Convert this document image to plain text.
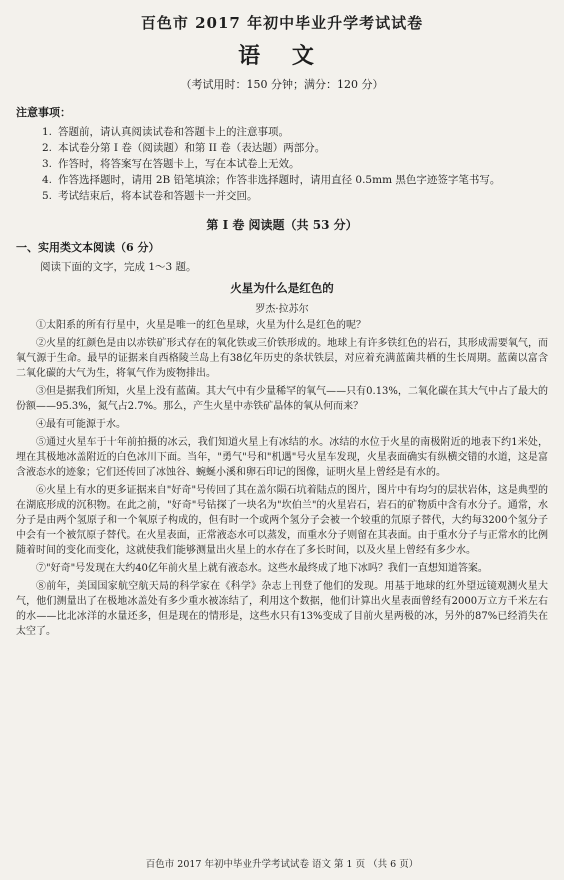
百色市 2017 年初中毕业升学考试试卷
语 文
（考试用时：150 分钟；满分：120 分）
注意事项：
1. 答题前，请认真阅读试卷和答题卡上的注意事项。
2. 本试卷分第 I 卷（阅读题）和第 II 卷（表达题）两部分。
3. 作答时，将答案写在答题卡上，写在本试卷上无效。
4. 作答选择题时，请用 2B 铅笔填涂；作答非选择题时，请用直径 0.5mm 黑色字迹签字笔书写。
5. 考试结束后，将本试卷和答题卡一并交回。
第 I 卷 阅读题（共 53 分）
一、实用类文本阅读（6 分）
阅读下面的文字，完成 1～3 题。
火星为什么是红色的
罗杰·拉苏尔

①太阳系的所有行星中，火星是唯一的红色星球，火星为什么是红色的呢？

②火星的红颜色是由以赤铁矿形式存在的氧化铁或三价铁形成的。地球上有许多铁红色的岩石，其形成需要氧气，而氧气源于生命。最早的证据来自西格陵兰岛上有38亿年历史的条状铁层，对应着充满蓝菌共栖的生长周期。蓝菌以富含二氧化碳的大气为生，将氧气作为废物排出。

③但是据我们所知，火星上没有蓝菌。其大气中有少量稀罕的氧气——只有0.13%，二氧化碳在其大气中占了最大的份额——95.3%，氮气占2.7%。那么，产生火星中赤铁矿晶体的氧从何而来？

④最有可能源于水。

⑤通过火星车于十年前拍摄的冰云，我们知道火星上有冰结的水。冰结的水位于火星的南极附近的地表下约1米处，埋在其极地冰盖附近的白色冰川下面。当年，"勇气"号和"机遇"号火星车发现，火星表面确实有纵横交错的水道，这是富含液态水的迹象；它们还传回了冰蚀谷、蜿蜒小溪和卵石印记的图像，证明火星上曾经是有水的。

⑥火星上有水的更多证据来自"好奇"号传回了其在盖尔陨石坑着陆点的图片，图片中有均匀的层状岩体，这是典型的在湖底形成的沉积物。在此之前，"好奇"号钻探了一块名为"坎伯兰"的火星岩石，岩石的矿物质中含有水分子。通常，水分子是由两个氢原子和一个氧原子构成的，但有时一个或两个氢分子会被一个较重的氘原子替代，大约每3200个氢分子中会有一个被氘原子替代。在火星表面，正常液态水可以蒸发，而重水分子则留在其表面。由于重水分子与正常水的比例随着时间的变化而变化，这就使我们能够测量出火星上的水存在了多长时间，以及火星上曾经有多少水。

⑦"好奇"号发现在大约40亿年前火星上就有液态水。这些水最终成了地下冰吗？我们一直想知道答案。

⑧前年，美国国家航空航天局的科学家在《科学》杂志上刊登了他们的发现。用基于地球的红外望远镜观测火星大气，他们测量出了在极地冰盖处有多少重水被冻结了，利用这个数据，他们计算出火星表面曾经有2000万立方千米左右的水——比北冰洋的水量还多，但是现在的情形是，这些水只有13%变成了目前火星两极的冰，另外的87%已经消失在太空了。

百色市 2017 年初中毕业升学考试试卷 语文 第 1 页 （共 6 页）
